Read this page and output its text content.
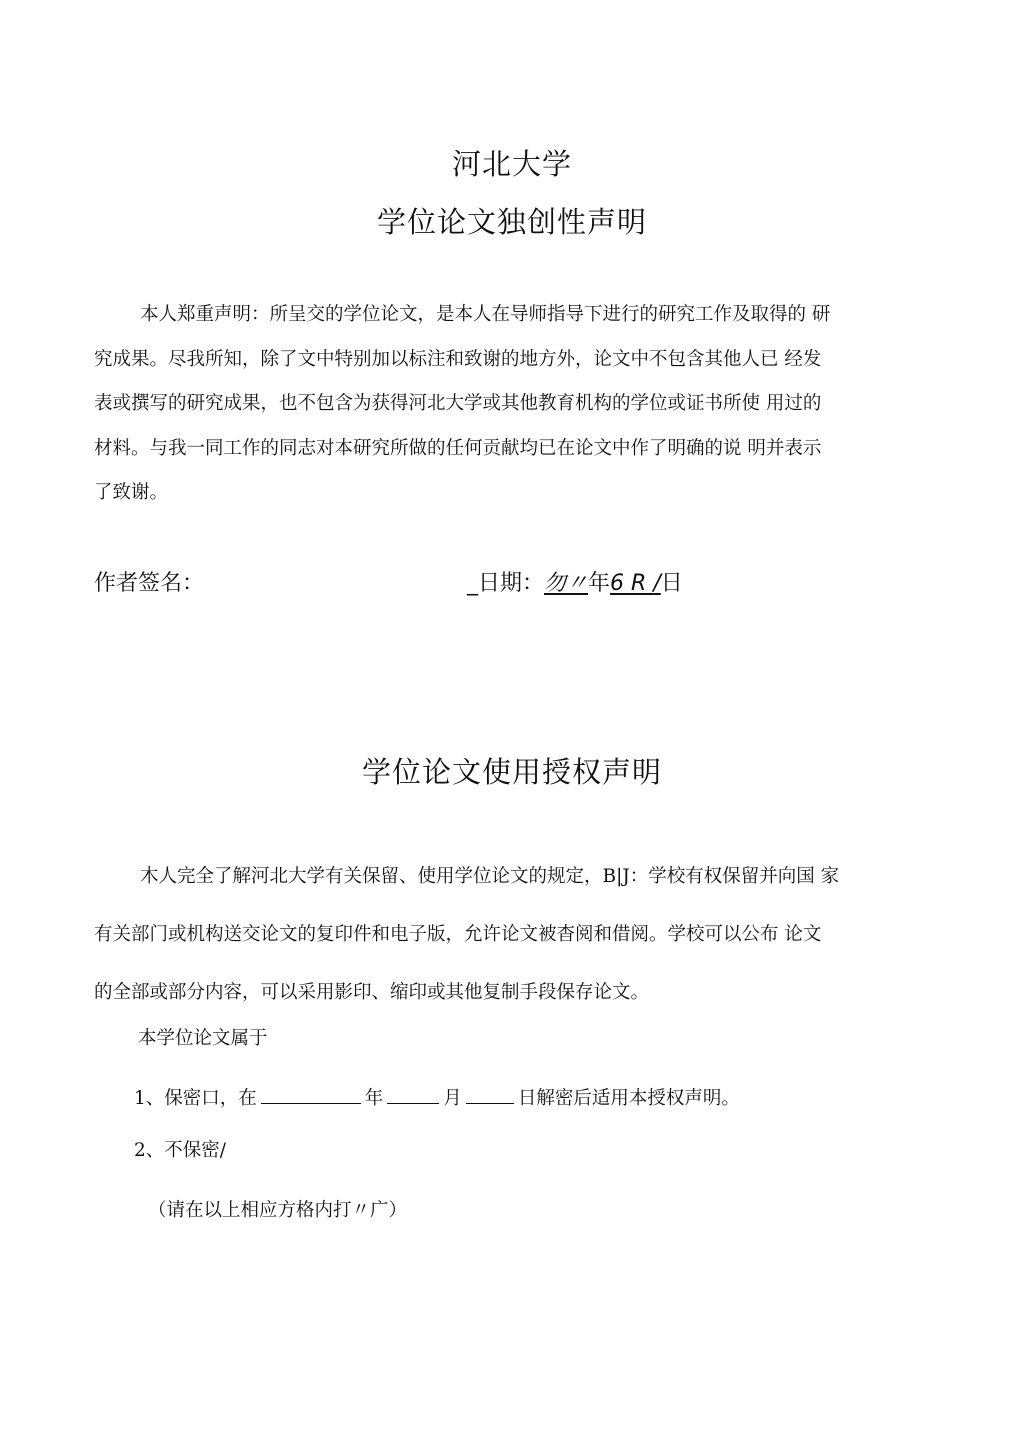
河北大学
学位论文独创性声明
本人郑重声明：所呈交的学位论文，是本人在导师指导下进行的研究工作及取得的 研
究成果。尽我所知，除了文中特别加以标注和致谢的地方外，论文中不包含其他人已 经发
表或撰写的研究成果，也不包含为获得河北大学或其他教育机构的学位或证书所使 用过的
材料。与我一同工作的同志对本研究所做的任何贡献均已在论文中作了明确的说 明并表示
了致谢。
作者签名：	_日期：勿〃年6 R /日
学位论文使用授权声明
木人完全了解河北大学有关保留、使用学位论文的规定，B|J：学校有权保留并向国 家
有关部门或机构送交论文的复印件和电子版，允许论文被杳阅和借阅。学校可以公布 论文
的全部或部分内容，可以采用影印、缩印或其他复制手段保存论文。
本学位论文属于
1、保密口，在	年	月	日解密后适用本授权声明。
2、不保密/
（请在以上相应方格内打〃广）
